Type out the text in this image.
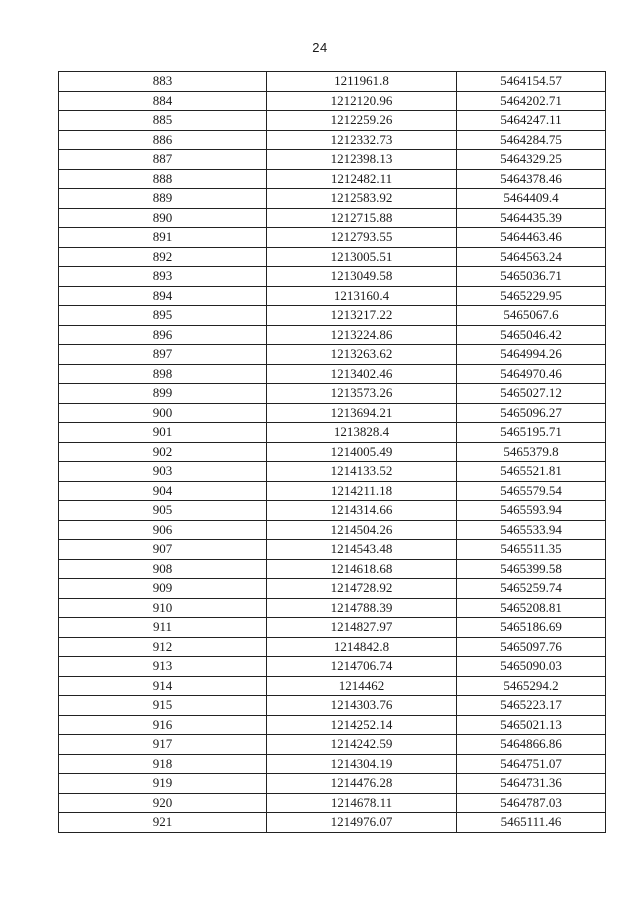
24
883	1211961.8	5464154.57
884	1212120.96	5464202.71
885	1212259.26	5464247.11
886	1212332.73	5464284.75
887	1212398.13	5464329.25
888	1212482.11	5464378.46
889	1212583.92	5464409.4
890	1212715.88	5464435.39
891	1212793.55	5464463.46
892	1213005.51	5464563.24
893	1213049.58	5465036.71
894	1213160.4	5465229.95
895	1213217.22	5465067.6
896	1213224.86	5465046.42
897	1213263.62	5464994.26
898	1213402.46	5464970.46
899	1213573.26	5465027.12
900	1213694.21	5465096.27
901	1213828.4	5465195.71
902	1214005.49	5465379.8
903	1214133.52	5465521.81
904	1214211.18	5465579.54
905	1214314.66	5465593.94
906	1214504.26	5465533.94
907	1214543.48	5465511.35
908	1214618.68	5465399.58
909	1214728.92	5465259.74
910	1214788.39	5465208.81
911	1214827.97	5465186.69
912	1214842.8	5465097.76
913	1214706.74	5465090.03
914	1214462	5465294.2
915	1214303.76	5465223.17
916	1214252.14	5465021.13
917	1214242.59	5464866.86
918	1214304.19	5464751.07
919	1214476.28	5464731.36
920	1214678.11	5464787.03
921	1214976.07	5465111.46
